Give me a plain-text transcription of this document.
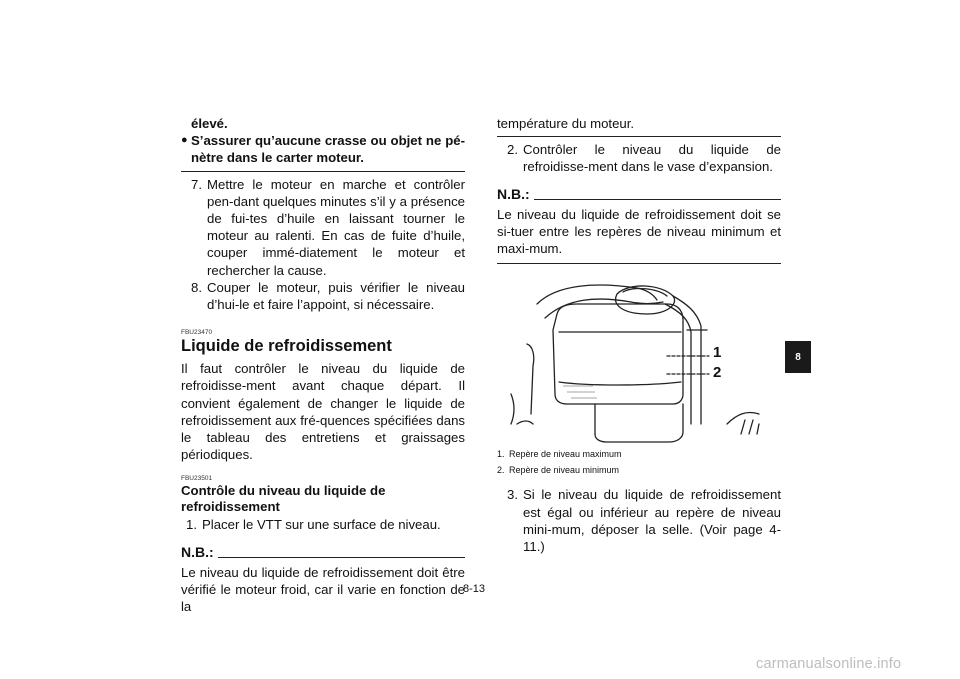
élevé.
● S’assurer qu’aucune crasse ou objet ne pé-nètre dans le carter moteur.
7. Mettre le moteur en marche et contrôler pen-dant quelques minutes s’il y a présence de fui-tes d’huile en laissant tourner le moteur au ralenti. En cas de fuite d’huile, couper immé-diatement le moteur et rechercher la cause.
8. Couper le moteur, puis vérifier le niveau d’hui-le et faire l’appoint, si nécessaire.
FBU23470
Liquide de refroidissement
Il faut contrôler le niveau du liquide de refroidisse-ment avant chaque départ. Il convient également de changer le liquide de refroidissement aux fré-quences spécifiées dans le tableau des entretiens et graissages périodiques.
FBU23501
Contrôle du niveau du liquide de refroidissement
1. Placer le VTT sur une surface de niveau.
N.B.:
Le niveau du liquide de refroidissement doit être vérifié le moteur froid, car il varie en fonction de la
température du moteur.
2. Contrôler le niveau du liquide de refroidisse-ment dans le vase d’expansion.
N.B.:
Le niveau du liquide de refroidissement doit se si-tuer entre les repères de niveau minimum et maxi-mum.
1
2
1. Repère de niveau maximum
2. Repère de niveau minimum
3. Si le niveau du liquide de refroidissement est égal ou inférieur au repère de niveau mini-mum, déposer la selle. (Voir page 4-11.)
8
8-13
carmanualsonline.info
